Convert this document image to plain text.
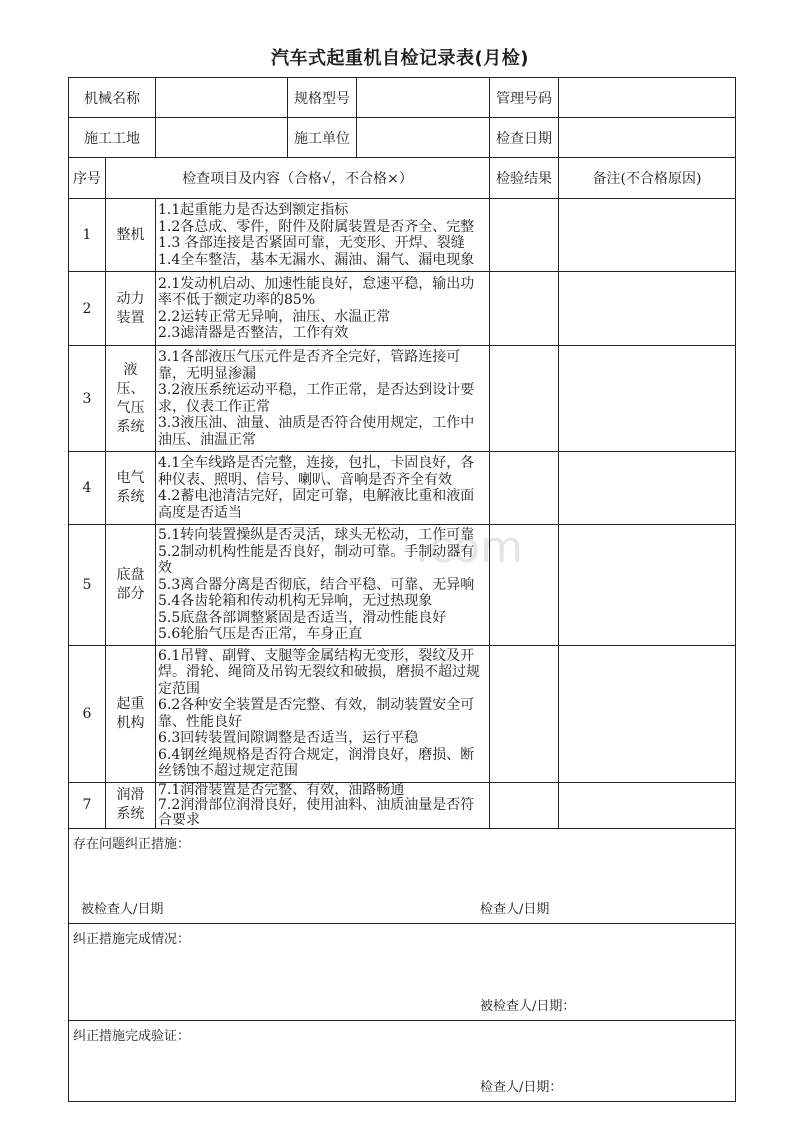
汽车式起重机自检记录表(月检)
.com
机械名称			规格型号		管理号码	
施工工地			施工单位		检查日期	
序号	检查项目及内容（合格√，不合格×）				检验结果	备注(不合格原因)
1	整机	1.1起重能力是否达到额定指标
1.2各总成、零件，附件及附属装置是否齐全、完整
1.3 各部连接是否紧固可靠，无变形、开焊、裂缝
1.4全车整洁，基本无漏水、漏油、漏气、漏电现象				

2	动力装置	2.1发动机启动、加速性能良好，怠速平稳，输出功率不低于额定功率的85%
2.2运转正常无异响，油压、水温正常
2.3滤清器是否整洁，工作有效				

3	液压、气压系统	3.1各部液压气压元件是否齐全完好，管路连接可靠，无明显渗漏
3.2液压系统运动平稳，工作正常，是否达到设计要求，仪表工作正常
3.3液压油、油量、油质是否符合使用规定，工作中油压、油温正常				

4	电气系统	4.1全车线路是否完整，连接，包扎，卡固良好，各种仪表、照明、信号、喇叭、音响是否齐全有效
4.2蓄电池清洁完好，固定可靠，电解液比重和液面高度是否适当				

5	底盘部分	
5.1转向装置操纵是否灵活，球头无松动，工作可靠
5.2制动机构性能是否良好，制动可靠。手制动器有效
5.3离合器分离是否彻底，结合平稳、可靠、无异响
5.4各齿轮箱和传动机构无异响，无过热现象
5.5底盘各部调整紧固是否适当，滑动性能良好
5.6轮胎气压是否正常，车身正直

6	起重机构	6.1吊臂、副臂、支腿等金属结构无变形，裂纹及开焊。滑轮、绳筒及吊钩无裂纹和破损，磨损不超过规定范围
6.2各种安全装置是否完整、有效，制动装置安全可靠、性能良好
6.3回转装置间隙调整是否适当，运行平稳
6.4钢丝绳规格是否符合规定，润滑良好，磨损、断丝锈蚀不超过规定范围				

7	润滑系统	7.1润滑装置是否完整、有效，油路畅通
7.2润滑部位润滑良好，使用油料、油质油量是否符合要求				

存在问题纠正措施：
被检查人/日期 检查人/日期						

纠正措施完成情况：
被检查人/日期：						

纠正措施完成验证：
检查人/日期：						
